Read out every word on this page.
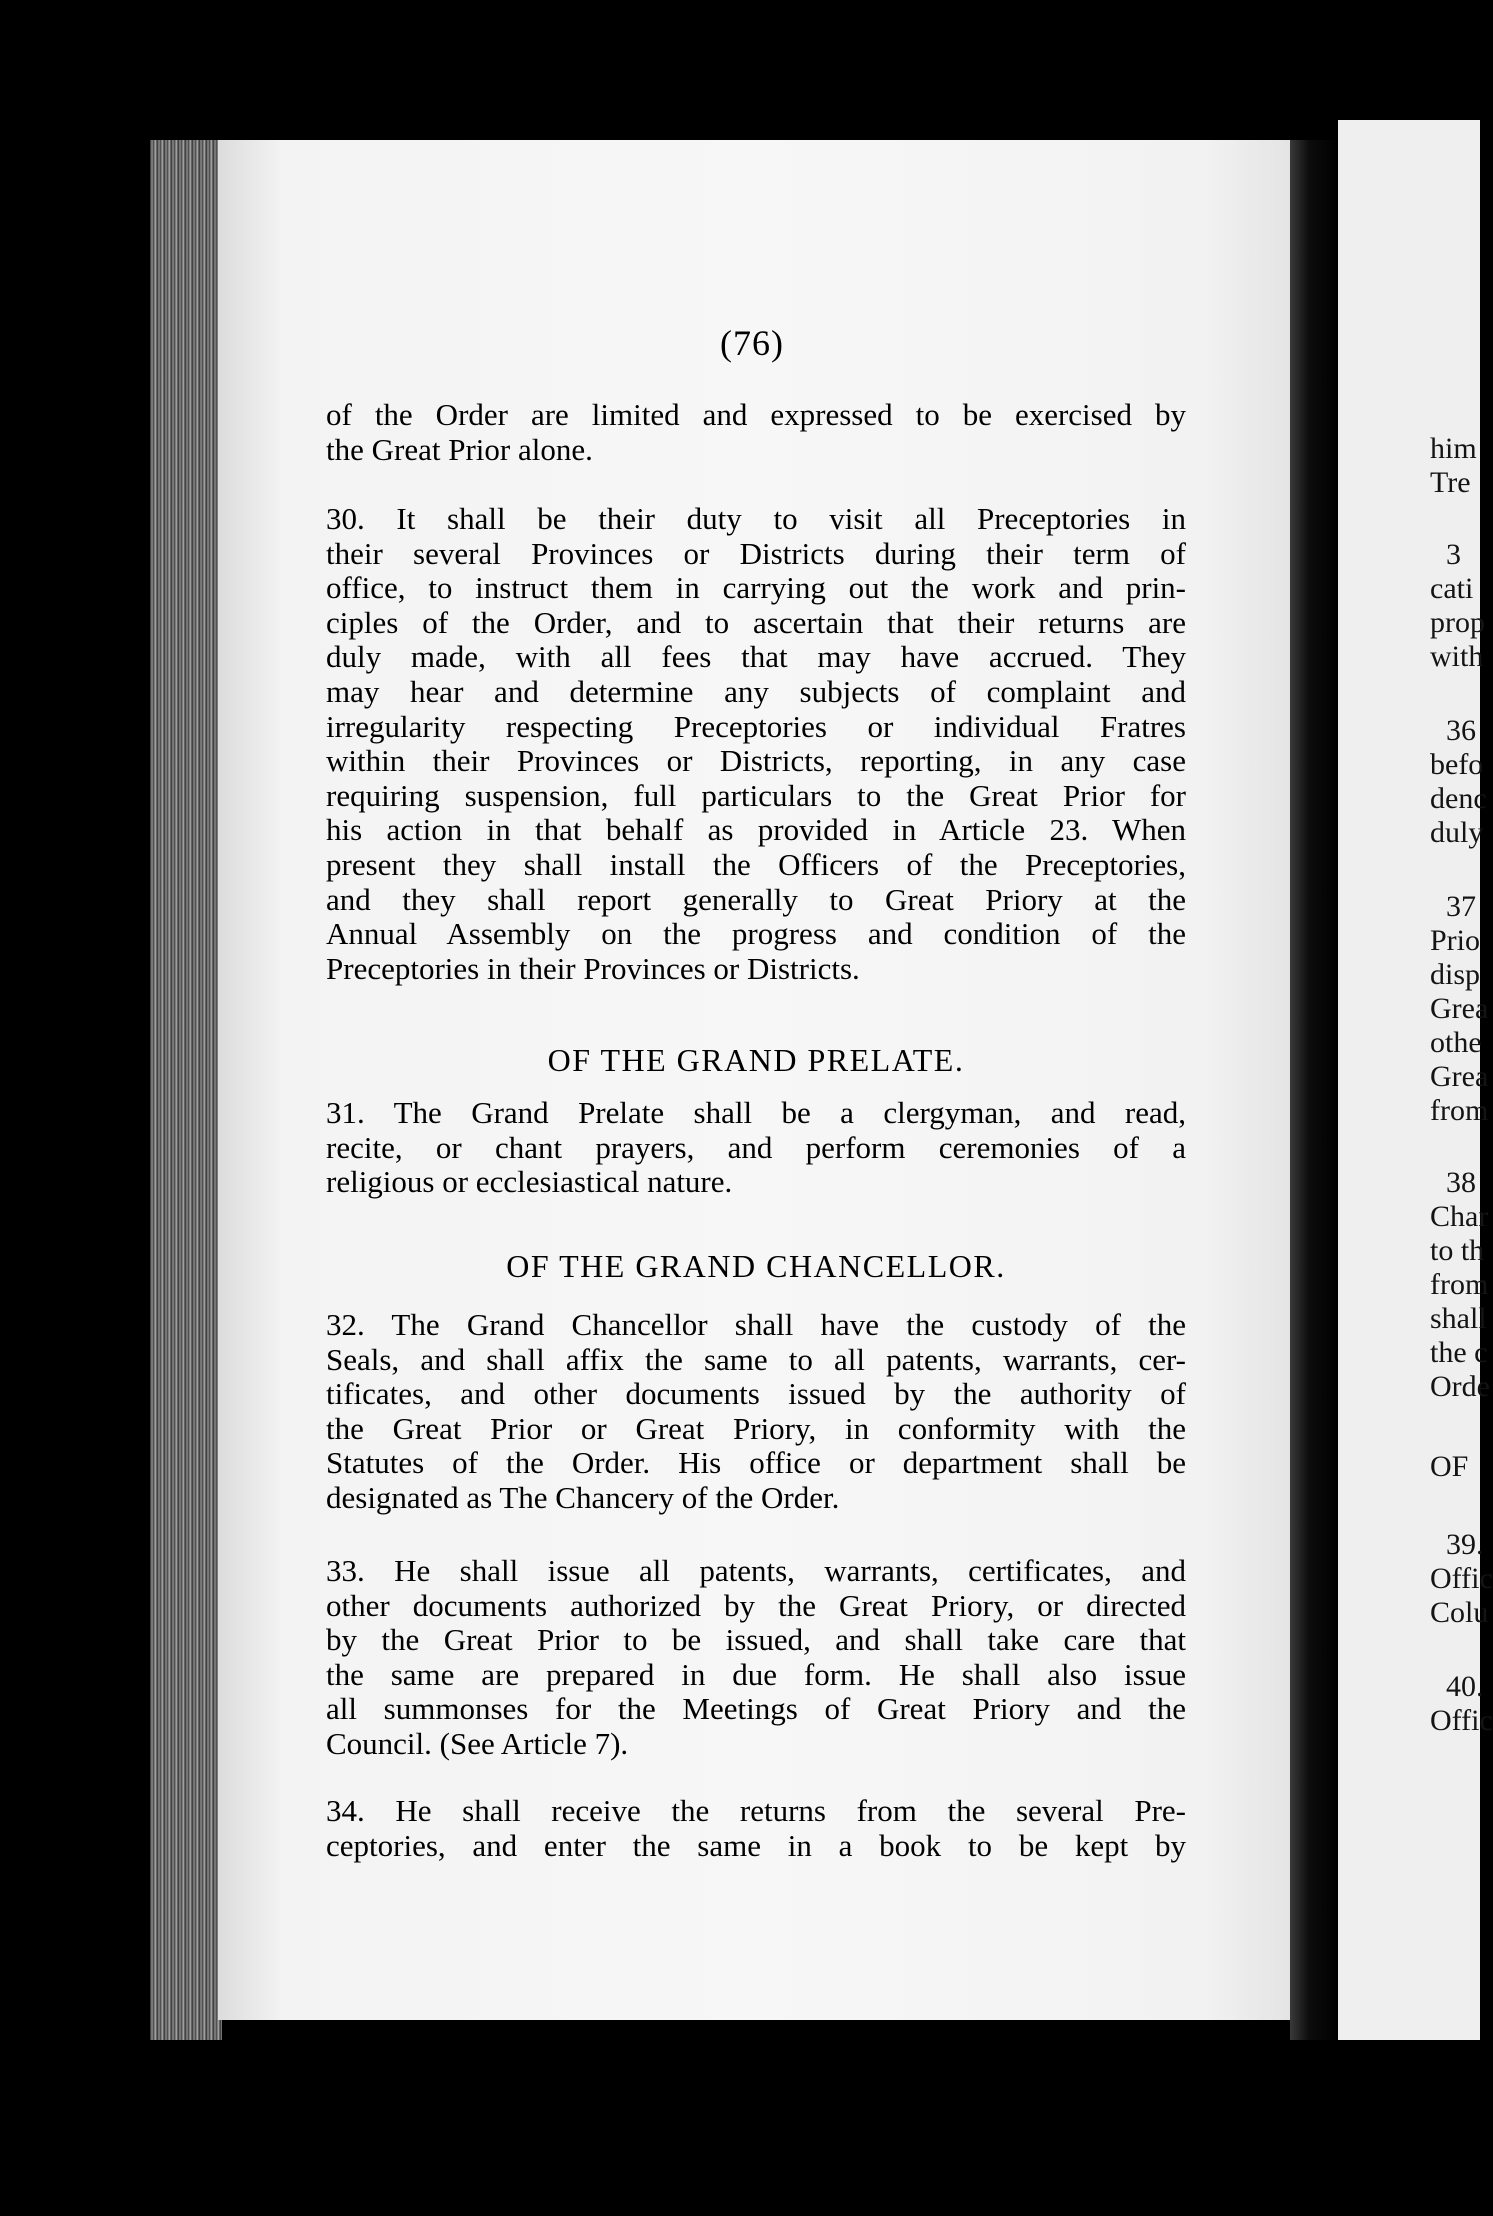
him
Tre
3
cati
prop
with
36
befo
denc
duly
37
Prio
disp
Grea
othe
Grea
from
38
Char
to th
from
shall
the c
Orde
OF
39.
Offic
Colu
40.
Offic
(76)

of the Order are limited and expressed to be exercised by
the Great Prior alone.

30. It shall be their duty to visit all Preceptories in
their several Provinces or Districts during their term of
office, to instruct them in carrying out the work and prin-
ciples of the Order, and to ascertain that their returns are
duly made, with all fees that may have accrued. They
may hear and determine any subjects of complaint and
irregularity respecting Preceptories or individual Fratres
within their Provinces or Districts, reporting, in any case
requiring suspension, full particulars to the Great Prior for
his action in that behalf as provided in Article 23. When
present they shall install the Officers of the Preceptories,
and they shall report generally to Great Priory at the
Annual Assembly on the progress and condition of the
Preceptories in their Provinces or Districts.

OF THE GRAND PRELATE.

31. The Grand Prelate shall be a clergyman, and read,
recite, or chant prayers, and perform ceremonies of a
religious or ecclesiastical nature.

OF THE GRAND CHANCELLOR.

32. The Grand Chancellor shall have the custody of the
Seals, and shall affix the same to all patents, warrants, cer-
tificates, and other documents issued by the authority of
the Great Prior or Great Priory, in conformity with the
Statutes of the Order. His office or department shall be
designated as The Chancery of the Order.

33. He shall issue all patents, warrants, certificates, and
other documents authorized by the Great Priory, or directed
by the Great Prior to be issued, and shall take care that
the same are prepared in due form. He shall also issue
all summonses for the Meetings of Great Priory and the
Council. (See Article 7).

34. He shall receive the returns from the several Pre-
ceptories, and enter the same in a book to be kept by
